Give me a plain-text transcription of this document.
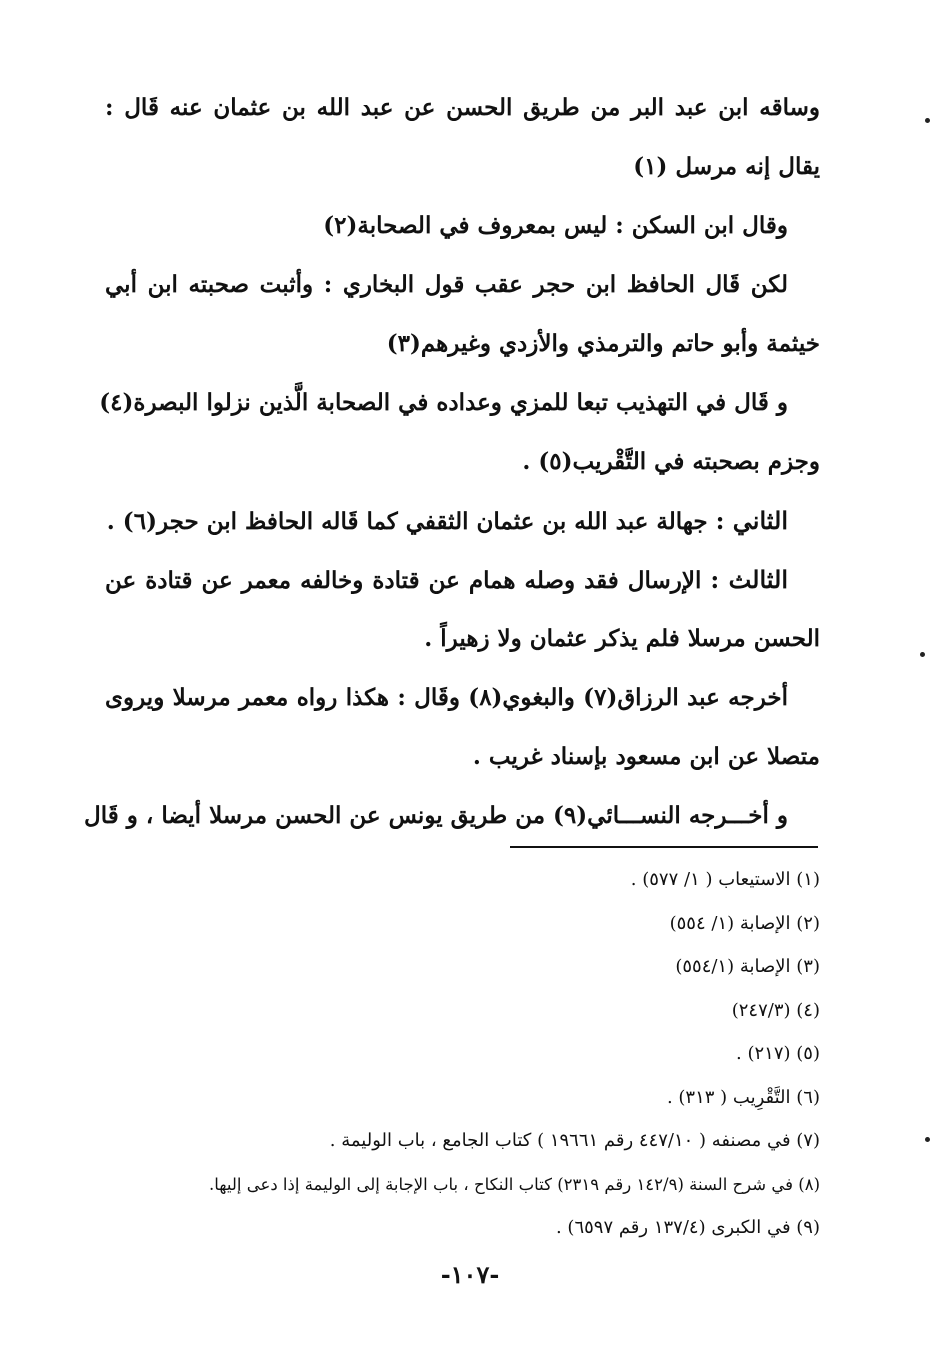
وساقه ابن عبد البر من طريق الحسن عن عبد الله بن عثمان عنه قَال :
يقال إنه مرسل (١)
وقال ابن السكن : ليس بمعروف في الصحابة(٢)
لكن قَال الحافظ ابن حجر عقب قول البخاري : وأثبت صحبته ابن أبي
خيثمة وأبو حاتم والترمذي والأزدي وغيرهم(٣)
و قَال في التهذيب تبعا للمزي وعداده في الصحابة الَّذين نزلوا البصرة(٤)
وجزم بصحبته في التَّقْريب(٥) .
الثاني : جهالة عبد الله بن عثمان الثقفي كما قَاله الحافظ ابن حجر(٦) .
الثالث : الإرسال فقد وصله همام عن قتادة وخالفه معمر عن قتادة عن
الحسن مرسلا فلم يذكر عثمان ولا زهيراً .
أخرجه عبد الرزاق(٧) والبغوي(٨) وقَال : هكذا رواه معمر مرسلا ويروى
متصلا عن ابن مسعود بإسناد غريب .
و أخـــرجه النســـائي(٩) من طريق يونس عن الحسن مرسلا أيضا ، و قَال
(١) الاستيعاب ( ١/ ٥٧٧) .
(٢) الإصابة (١/ ٥٥٤)
(٣) الإصابة (٥٥٤/١)
(٤) (٢٤٧/٣)
(٥) (٢١٧) .
(٦) التَّقْرِيب ( ٣١٣) .
(٧) في مصنفه ( ٤٤٧/١٠ رقم ١٩٦٦١ ) كتاب الجامع ، باب الوليمة .
(٨) في شرح السنة (١٤٢/٩ رقم ٢٣١٩) كتاب النكاح ، باب الإجابة إلى الوليمة إذا دعى إليها.
(٩) في الكبرى (١٣٧/٤ رقم ٦٥٩٧) .
-١٠٧-
